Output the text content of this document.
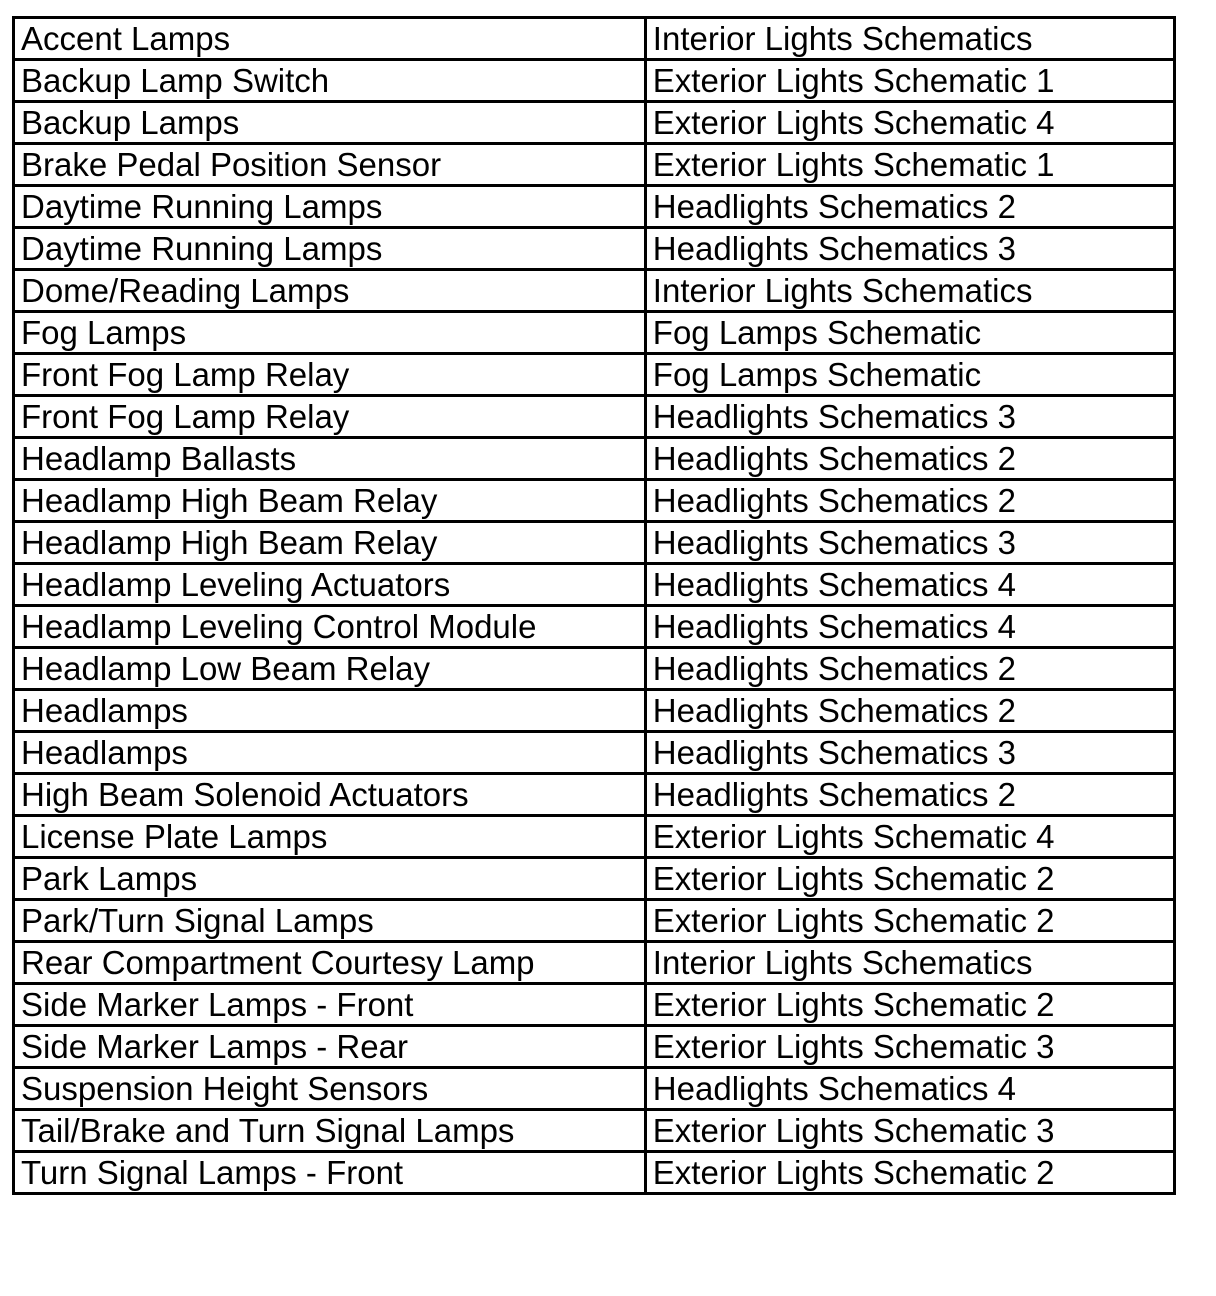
Accent Lamps	Interior Lights Schematics
Backup Lamp Switch	Exterior Lights Schematic 1
Backup Lamps	Exterior Lights Schematic 4
Brake Pedal Position Sensor	Exterior Lights Schematic 1
Daytime Running Lamps	Headlights Schematics 2
Daytime Running Lamps	Headlights Schematics 3
Dome/Reading Lamps	Interior Lights Schematics
Fog Lamps	Fog Lamps Schematic
Front Fog Lamp Relay	Fog Lamps Schematic
Front Fog Lamp Relay	Headlights Schematics 3
Headlamp Ballasts	Headlights Schematics 2
Headlamp High Beam Relay	Headlights Schematics 2
Headlamp High Beam Relay	Headlights Schematics 3
Headlamp Leveling Actuators	Headlights Schematics 4
Headlamp Leveling Control Module	Headlights Schematics 4
Headlamp Low Beam Relay	Headlights Schematics 2
Headlamps	Headlights Schematics 2
Headlamps	Headlights Schematics 3
High Beam Solenoid Actuators	Headlights Schematics 2
License Plate Lamps	Exterior Lights Schematic 4
Park Lamps	Exterior Lights Schematic 2
Park/Turn Signal Lamps	Exterior Lights Schematic 2
Rear Compartment Courtesy Lamp	Interior Lights Schematics
Side Marker Lamps - Front	Exterior Lights Schematic 2
Side Marker Lamps - Rear	Exterior Lights Schematic 3
Suspension Height Sensors	Headlights Schematics 4
Tail/Brake and Turn Signal Lamps	Exterior Lights Schematic 3
Turn Signal Lamps - Front	Exterior Lights Schematic 2
